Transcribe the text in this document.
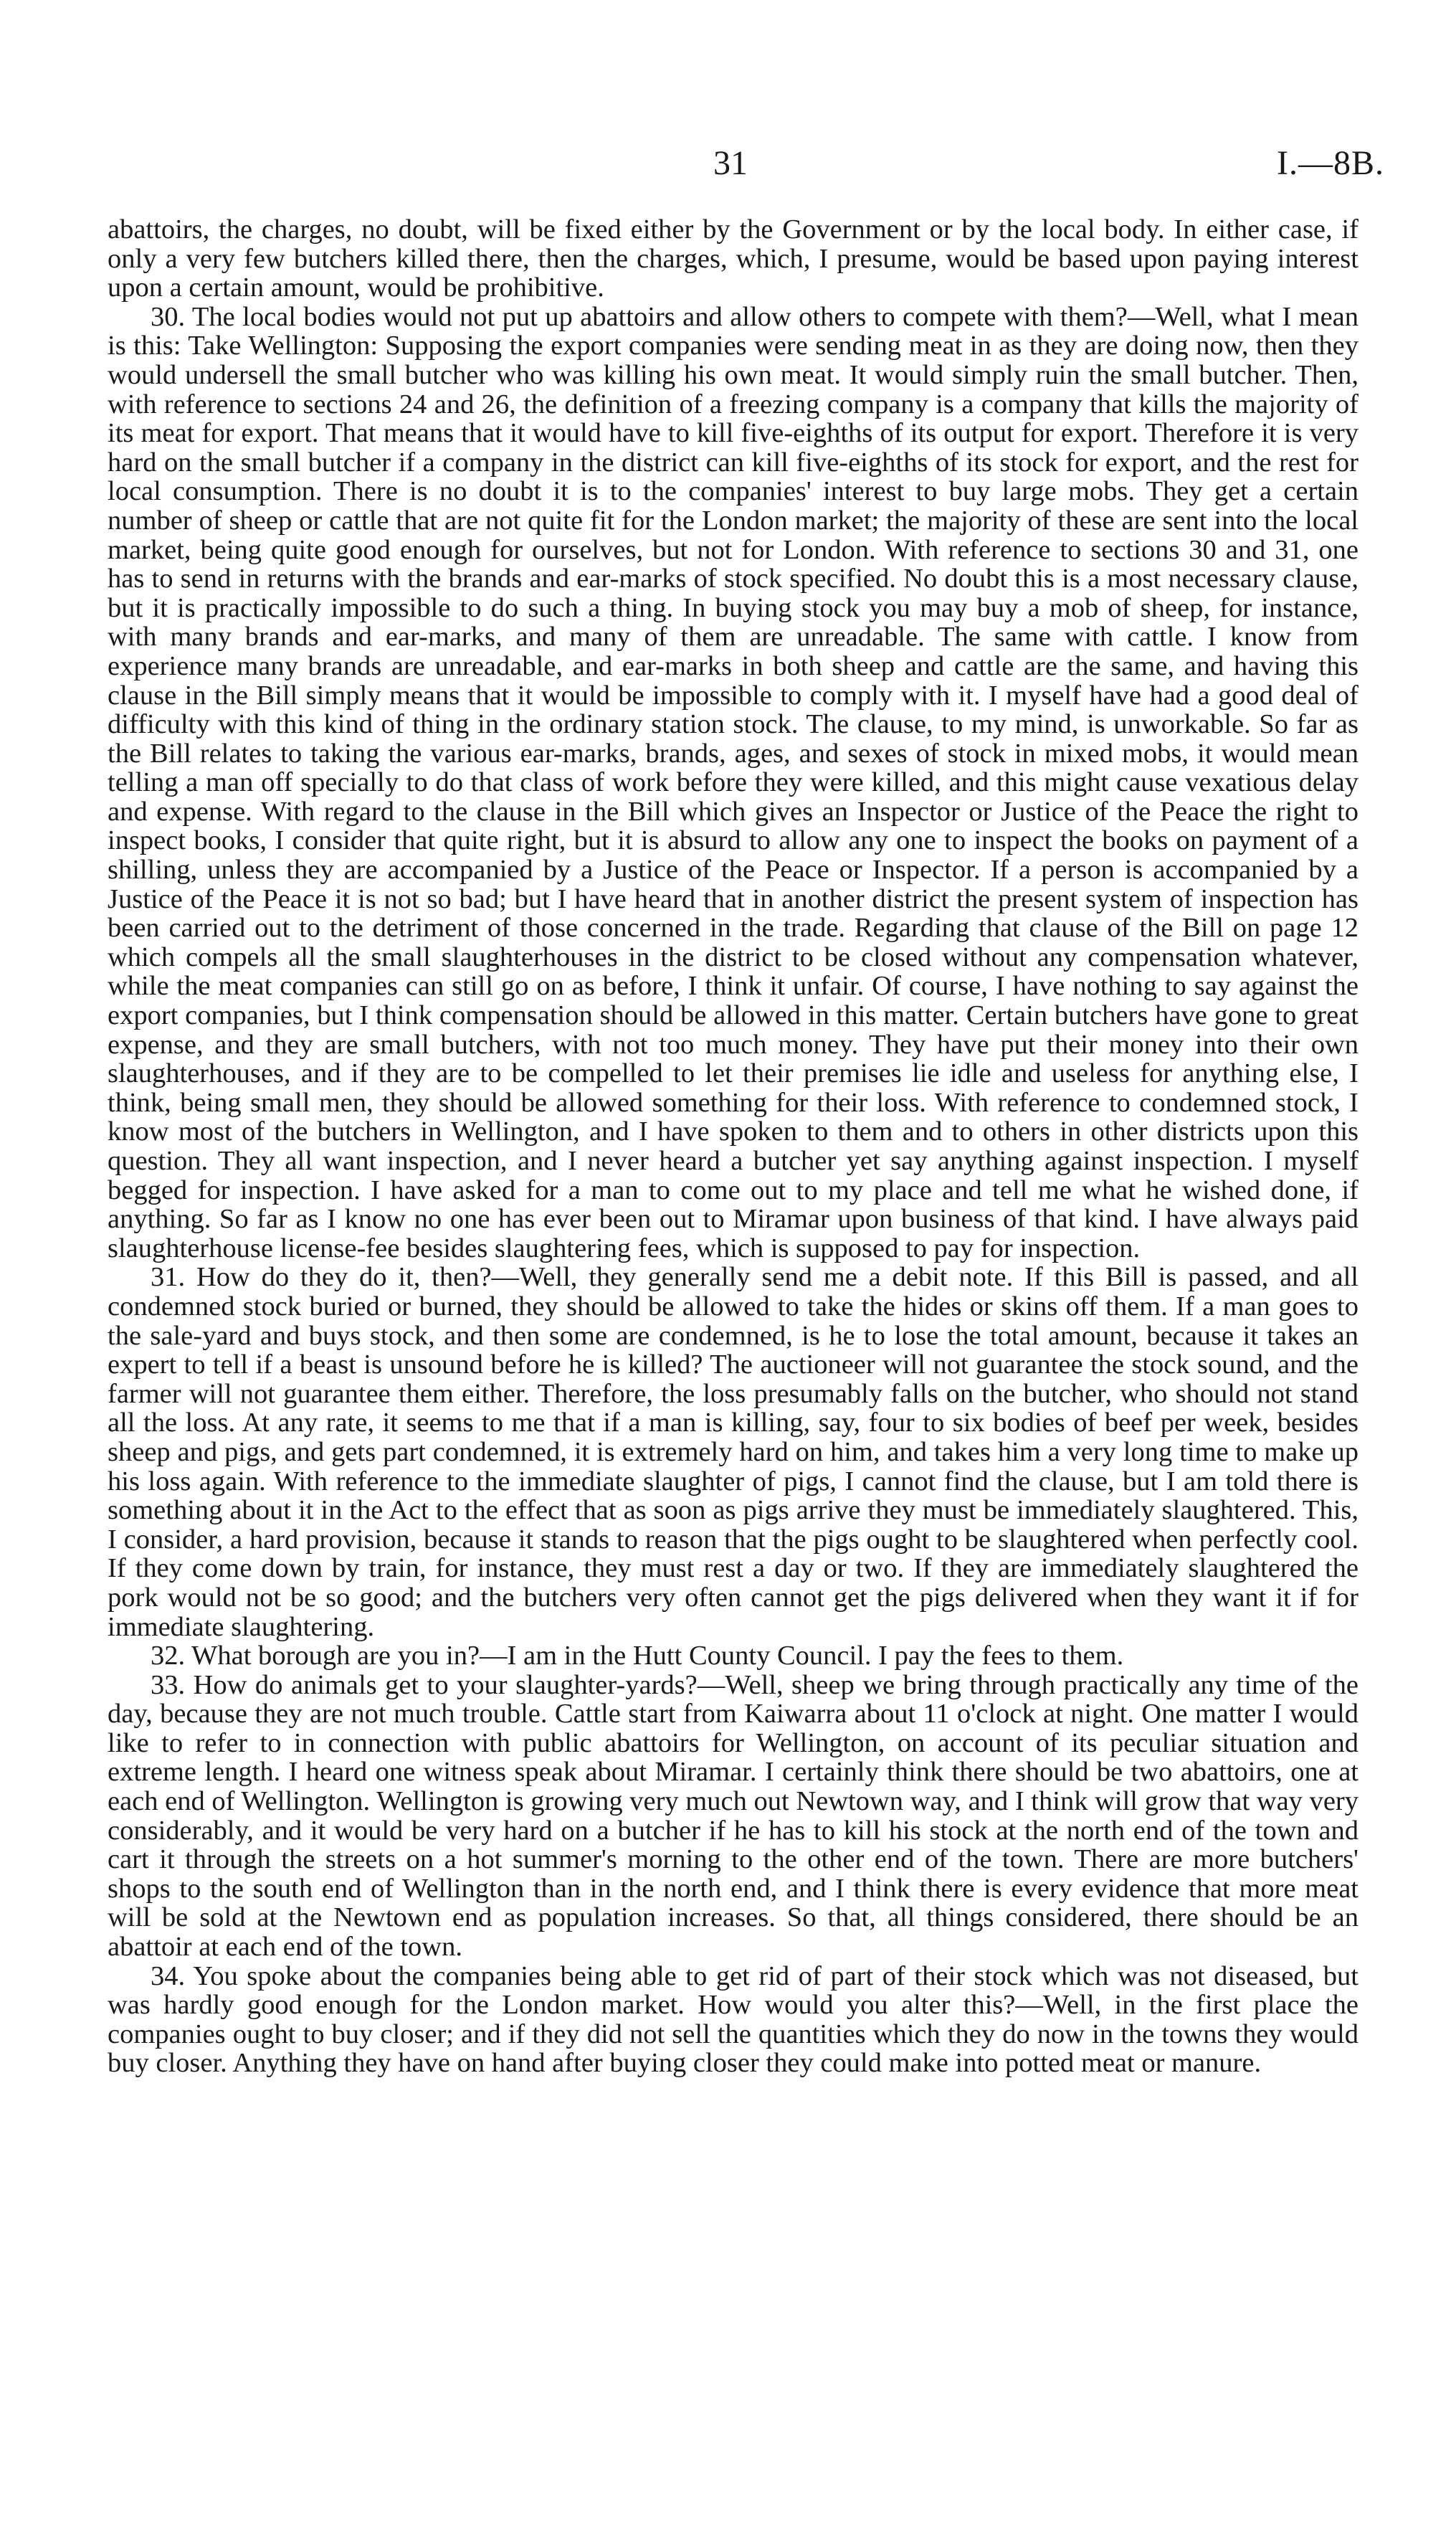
31	I.—8B.

abattoirs, the charges, no doubt, will be fixed either by the Government or by the local body. In either case, if only a very few butchers killed there, then the charges, which, I presume, would be based upon paying interest upon a certain amount, would be prohibitive.

30. The local bodies would not put up abattoirs and allow others to compete with them?—Well, what I mean is this: Take Wellington: Supposing the export companies were sending meat in as they are doing now, then they would undersell the small butcher who was killing his own meat. It would simply ruin the small butcher. Then, with reference to sections 24 and 26, the definition of a freezing company is a company that kills the majority of its meat for export. That means that it would have to kill five-eighths of its output for export. Therefore it is very hard on the small butcher if a company in the district can kill five-eighths of its stock for export, and the rest for local consumption. There is no doubt it is to the companies' interest to buy large mobs. They get a certain number of sheep or cattle that are not quite fit for the London market; the majority of these are sent into the local market, being quite good enough for ourselves, but not for London. With reference to sections 30 and 31, one has to send in returns with the brands and ear-marks of stock specified. No doubt this is a most necessary clause, but it is practically impossible to do such a thing. In buying stock you may buy a mob of sheep, for instance, with many brands and ear-marks, and many of them are unreadable. The same with cattle. I know from experience many brands are unreadable, and ear-marks in both sheep and cattle are the same, and having this clause in the Bill simply means that it would be impossible to comply with it. I myself have had a good deal of difficulty with this kind of thing in the ordinary station stock. The clause, to my mind, is unworkable. So far as the Bill relates to taking the various ear-marks, brands, ages, and sexes of stock in mixed mobs, it would mean telling a man off specially to do that class of work before they were killed, and this might cause vexatious delay and expense. With regard to the clause in the Bill which gives an Inspector or Justice of the Peace the right to inspect books, I consider that quite right, but it is absurd to allow any one to inspect the books on payment of a shilling, unless they are accompanied by a Justice of the Peace or Inspector. If a person is accompanied by a Justice of the Peace it is not so bad; but I have heard that in another district the present system of inspection has been carried out to the detriment of those concerned in the trade. Regarding that clause of the Bill on page 12 which compels all the small slaughterhouses in the district to be closed without any compensation whatever, while the meat companies can still go on as before, I think it unfair. Of course, I have nothing to say against the export companies, but I think compensation should be allowed in this matter. Certain butchers have gone to great expense, and they are small butchers, with not too much money. They have put their money into their own slaughterhouses, and if they are to be compelled to let their premises lie idle and useless for anything else, I think, being small men, they should be allowed something for their loss. With reference to condemned stock, I know most of the butchers in Wellington, and I have spoken to them and to others in other districts upon this question. They all want inspection, and I never heard a butcher yet say anything against inspection. I myself begged for inspection. I have asked for a man to come out to my place and tell me what he wished done, if anything. So far as I know no one has ever been out to Miramar upon business of that kind. I have always paid slaughterhouse license-fee besides slaughtering fees, which is supposed to pay for inspection.

31. How do they do it, then?—Well, they generally send me a debit note. If this Bill is passed, and all condemned stock buried or burned, they should be allowed to take the hides or skins off them. If a man goes to the sale-yard and buys stock, and then some are condemned, is he to lose the total amount, because it takes an expert to tell if a beast is unsound before he is killed? The auctioneer will not guarantee the stock sound, and the farmer will not guarantee them either. Therefore, the loss presumably falls on the butcher, who should not stand all the loss. At any rate, it seems to me that if a man is killing, say, four to six bodies of beef per week, besides sheep and pigs, and gets part condemned, it is extremely hard on him, and takes him a very long time to make up his loss again. With reference to the immediate slaughter of pigs, I cannot find the clause, but I am told there is something about it in the Act to the effect that as soon as pigs arrive they must be immediately slaughtered. This, I consider, a hard provision, because it stands to reason that the pigs ought to be slaughtered when perfectly cool. If they come down by train, for instance, they must rest a day or two. If they are immediately slaughtered the pork would not be so good; and the butchers very often cannot get the pigs delivered when they want it if for immediate slaughtering.

32. What borough are you in?—I am in the Hutt County Council. I pay the fees to them.

33. How do animals get to your slaughter-yards?—Well, sheep we bring through practically any time of the day, because they are not much trouble. Cattle start from Kaiwarra about 11 o'clock at night. One matter I would like to refer to in connection with public abattoirs for Wellington, on account of its peculiar situation and extreme length. I heard one witness speak about Miramar. I certainly think there should be two abattoirs, one at each end of Wellington. Wellington is growing very much out Newtown way, and I think will grow that way very considerably, and it would be very hard on a butcher if he has to kill his stock at the north end of the town and cart it through the streets on a hot summer's morning to the other end of the town. There are more butchers' shops to the south end of Wellington than in the north end, and I think there is every evidence that more meat will be sold at the Newtown end as population increases. So that, all things considered, there should be an abattoir at each end of the town.

34. You spoke about the companies being able to get rid of part of their stock which was not diseased, but was hardly good enough for the London market. How would you alter this?—Well, in the first place the companies ought to buy closer; and if they did not sell the quantities which they do now in the towns they would buy closer. Anything they have on hand after buying closer they could make into potted meat or manure.
